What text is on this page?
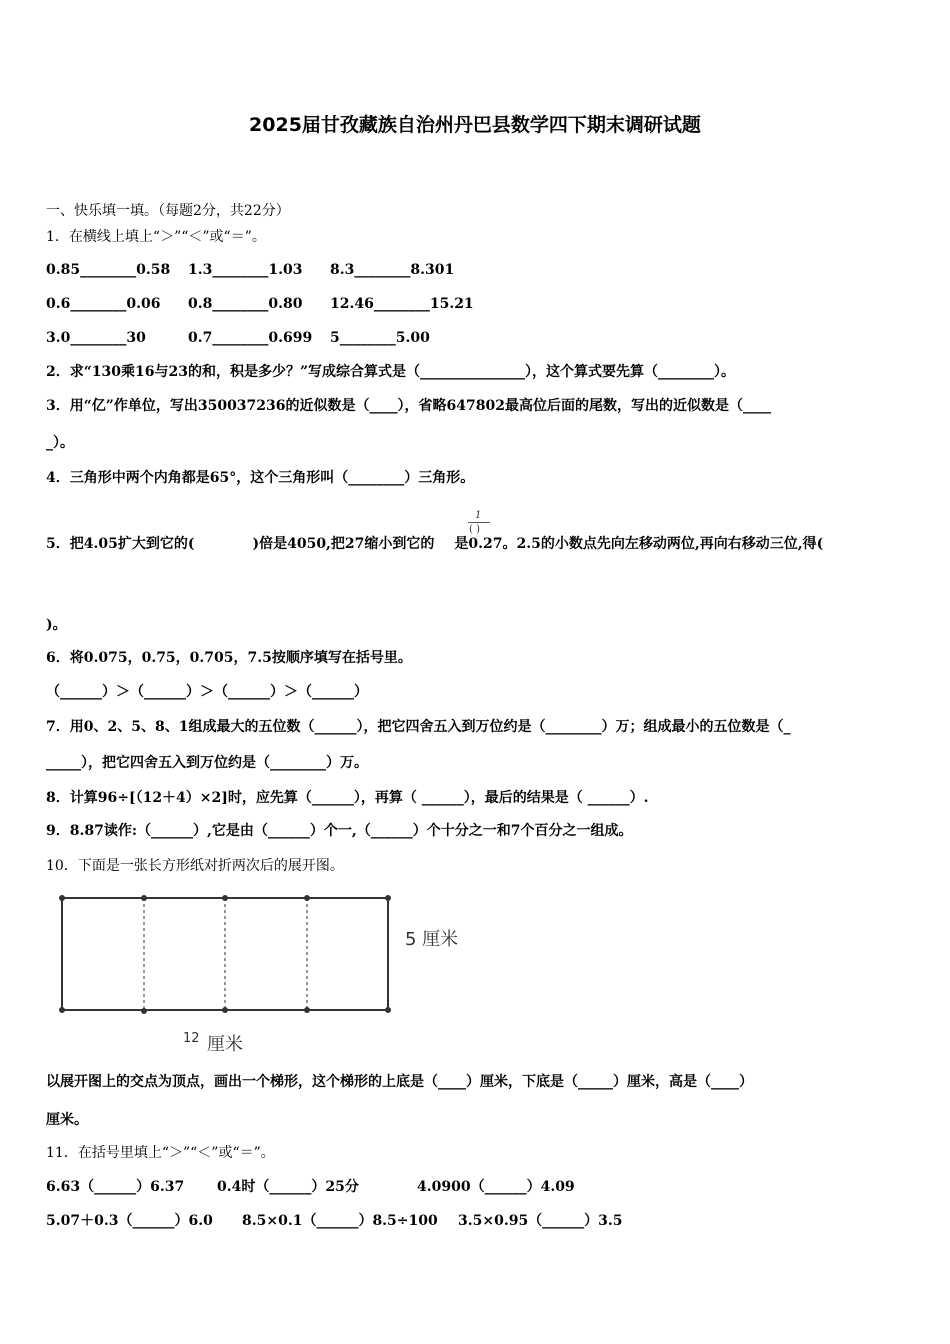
2025届甘孜藏族自治州丹巴县数学四下期末调研试题
一、快乐填一填。（每题2分，共22分）
1．在横线上填上“＞”“＜”或“＝”。
0.85________0.58 1.3________1.03 8.3________8.301
0.6________0.06 0.8________0.80 12.46________15.21
3.0________30	0.7________0.699 5________5.00
2．求“130乘16与23的和，积是多少？”写成综合算式是（_______________），这个算式要先算（________）。
3．用“亿”作单位，写出350037236的近似数是（____），省略647802最高位后面的尾数，写出的近似数是（____
_）。
4．三角形中两个内角都是65°，这个三角形叫（________）三角形。
5．把4.05扩大到它的(	)倍是4050,把27缩小到它的 是0.27。2.5的小数点先向左移动两位,再向右移动三位,得(
1
( )
)。
6．将0.075，0.75，0.705，7.5按顺序填写在括号里。
（______）＞（______）＞（______）＞（______）
7．用0、2、5、8、1组成最大的五位数（______），把它四舍五入到万位约是（________）万；组成最小的五位数是（_
_____），把它四舍五入到万位约是（________）万。
8．计算96÷[（12＋4）×2]时，应先算（______），再算（ ______），最后的结果是（ ______）.
9．8.87读作:（______）,它是由（______）个一,（______）个十分之一和7个百分之一组成。
10．下面是一张长方形纸对折两次后的展开图。
5 厘米
12 厘米
以展开图上的交点为顶点，画出一个梯形，这个梯形的上底是（____）厘米，下底是（_____）厘米，高是（____）
厘米。
11．在括号里填上“＞”“＜”或“＝”。
6.63（______）6.37 0.4时（______）25分	4.0900（______）4.09
5.07＋0.3（______）6.0 8.5×0.1（______）8.5÷100 3.5×0.95（______）3.5
